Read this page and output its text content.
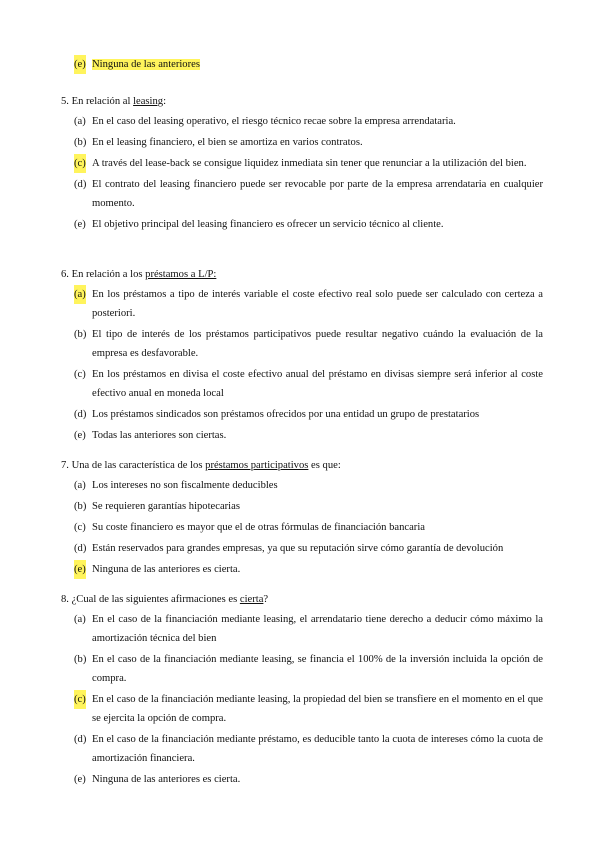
(e) Ninguna de las anteriores
5. En relación al leasing:
(a) En el caso del leasing operativo, el riesgo técnico recae sobre la empresa arrendataria.
(b) En el leasing financiero, el bien se amortiza en varios contratos.
(c) A través del lease-back se consigue liquidez inmediata sin tener que renunciar a la utilización del bien.
(d) El contrato del leasing financiero puede ser revocable por parte de la empresa arrendataria en cualquier momento.
(e) El objetivo principal del leasing financiero es ofrecer un servicio técnico al cliente.
6. En relación a los préstamos a L/P:
(a) En los préstamos a tipo de interés variable el coste efectivo real solo puede ser calculado con certeza a posteriori.
(b) El tipo de interés de los préstamos participativos puede resultar negativo cuándo la evaluación de la empresa es desfavorable.
(c) En los préstamos en divisa el coste efectivo anual del préstamo en divisas siempre será inferior al coste efectivo anual en moneda local
(d) Los préstamos sindicados son préstamos ofrecidos por una entidad un grupo de prestatarios
(e) Todas las anteriores son ciertas.
7. Una de las característica de los préstamos participativos es que:
(a) Los intereses no son fiscalmente deducibles
(b) Se requieren garantías hipotecarias
(c) Su coste financiero es mayor que el de otras fórmulas de financiación bancaria
(d) Están reservados para grandes empresas, ya que su reputación sirve cómo garantía de devolución
(e) Ninguna de las anteriores es cierta.
8. ¿Cual de las siguientes afirmaciones es cierta?
(a) En el caso de la financiación mediante leasing, el arrendatario tiene derecho a deducir cómo máximo la amortización técnica del bien
(b) En el caso de la financiación mediante leasing, se financia el 100% de la inversión incluida la opción de compra.
(c) En el caso de la financiación mediante leasing, la propiedad del bien se transfiere en el momento en el que se ejercita la opción de compra.
(d) En el caso de la financiación mediante préstamo, es deducible tanto la cuota de intereses cómo la cuota de amortización financiera.
(e) Ninguna de las anteriores es cierta.
